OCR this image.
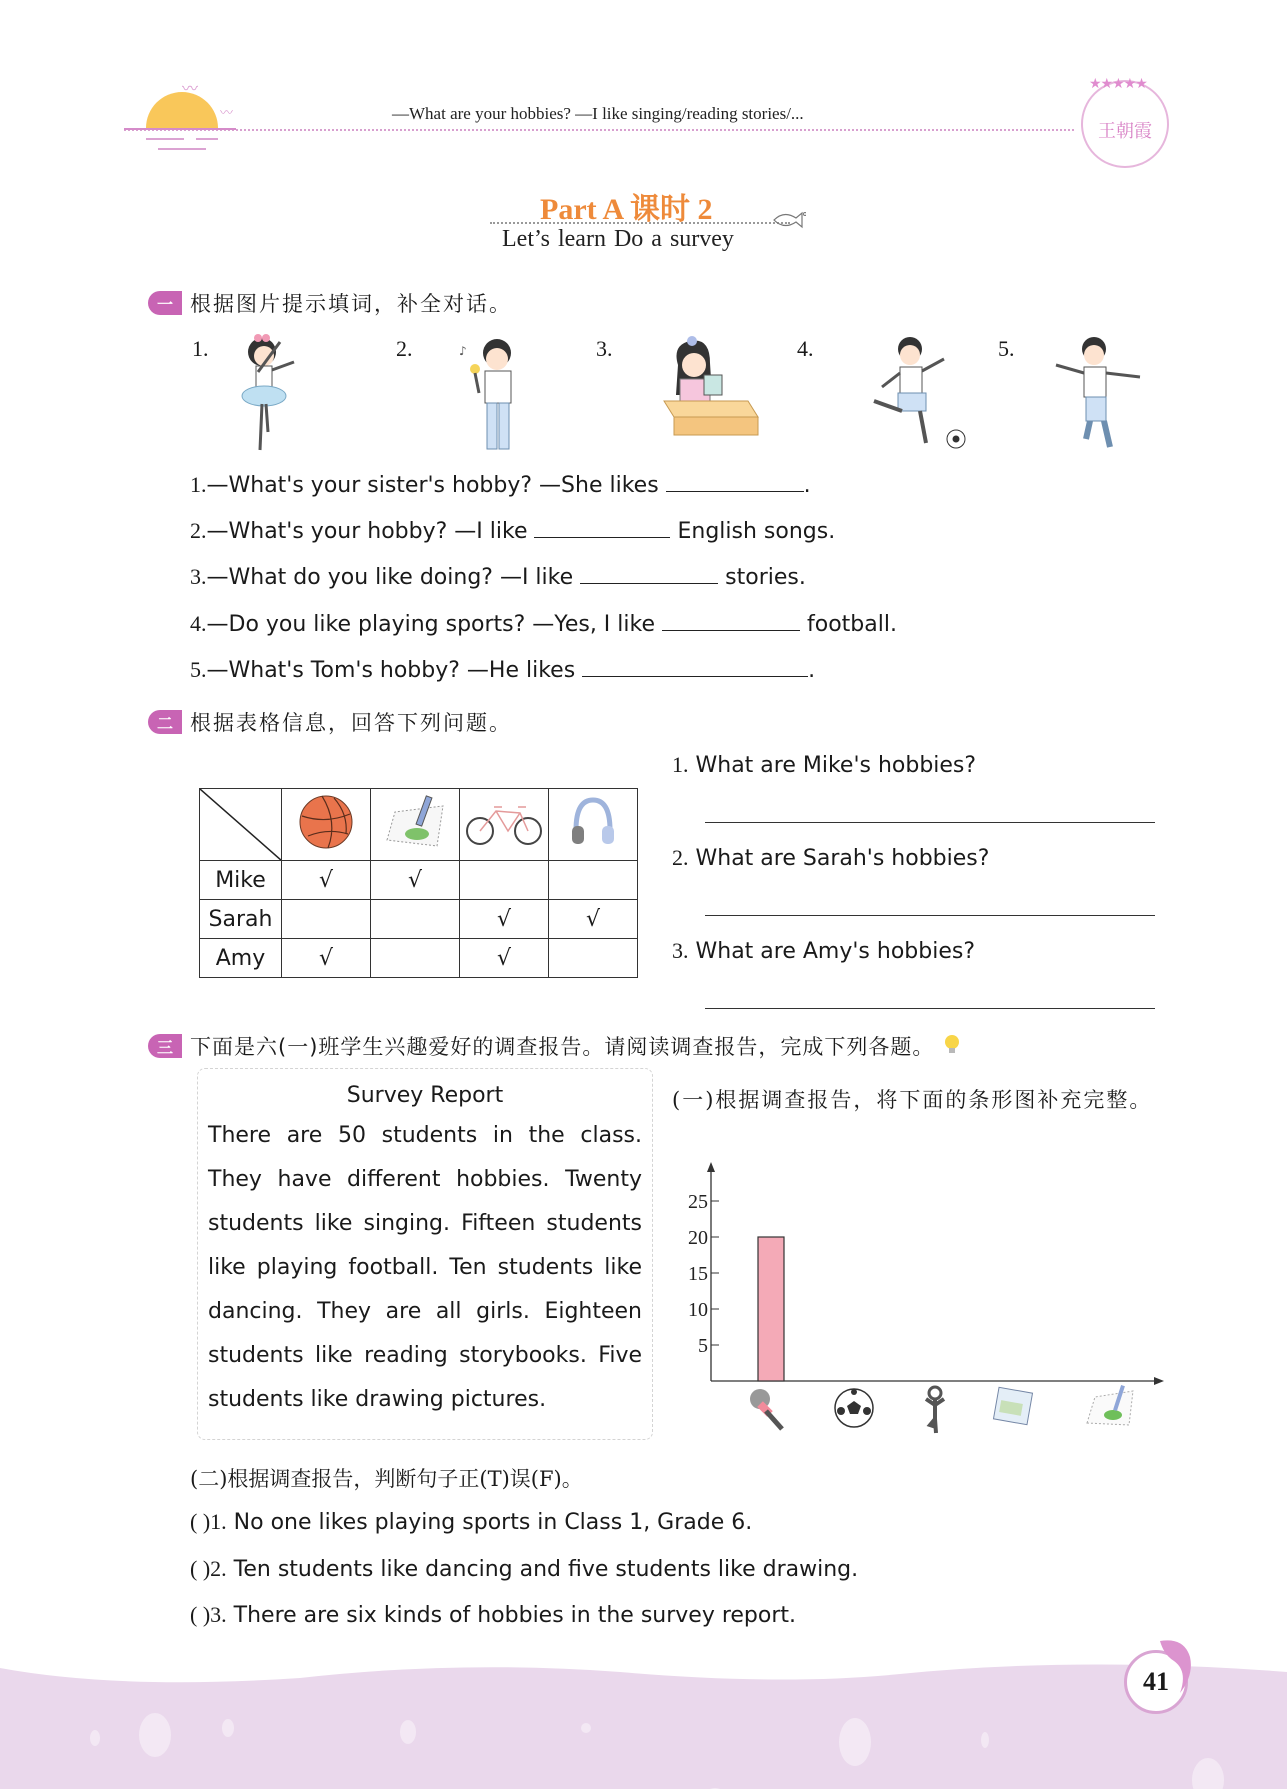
〰
〰	—What are your hobbies? —I like singing/reading stories/...
★★★★★
王朝霞
Part A 课时 2
Let’s learn Do a survey
一 根据图片提示填词，补全对话。
1.	2.	♪	3.	4.	5.
1.—What's your sister's hobby? —She likes	.
2.—What's your hobby? —I like	English songs.
3.—What do you like doing? —I like	stories.
4.—Do you like playing sports? —Yes, I like	football.
5.—What's Tom's hobby? —He likes	.
二 根据表格信息，回答下列问题。

Mike	√	√		
Sarah			√	√
Amy	√		√	
1. What are Mike's hobbies?
2. What are Sarah's hobbies?
3. What are Amy's hobbies?
三 下面是六(一)班学生兴趣爱好的调查报告。请阅读调查报告，完成下列各题。
Survey Report
There are 50 students in the class. They have different hobbies. Twenty students like singing. Fifteen students like playing football. Ten students like dancing. They are all girls. Eighteen students like reading storybooks. Five students like drawing pictures.
(一)根据调查报告，将下面的条形图补充完整。
5
10
15
20
25
(二)根据调查报告，判断句子正(T)误(F)。
( )1. No one likes playing sports in Class 1, Grade 6.
( )2. Ten students like dancing and five students like drawing.
( )3. There are six kinds of hobbies in the survey report.
41
